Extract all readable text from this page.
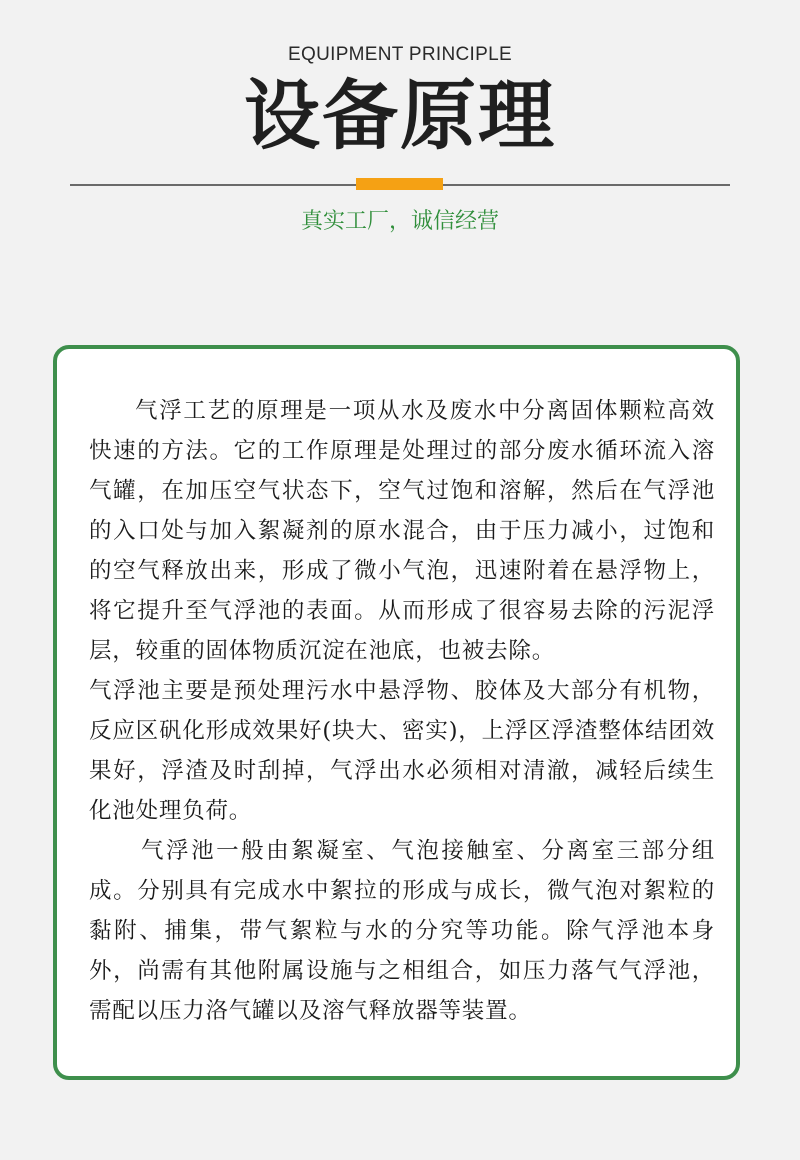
EQUIPMENT PRINCIPLE
设备原理
真实工厂，诚信经营

气浮工艺的原理是一项从水及废水中分离固体颗粒高效快速的方法。它的工作原理是处理过的部分废水循环流入溶气罐，在加压空气状态下，空气过饱和溶解，然后在气浮池的入口处与加入絮凝剂的原水混合，由于压力减小，过饱和的空气释放出来，形成了微小气泡，迅速附着在悬浮物上，将它提升至气浮池的表面。从而形成了很容易去除的污泥浮层，较重的固体物质沉淀在池底，也被去除。

气浮池主要是预处理污水中悬浮物、胶体及大部分有机物，反应区矾化形成效果好(块大、密实)，上浮区浮渣整体结团效果好，浮渣及时刮掉，气浮出水必须相对清澈，减轻后续生化池处理负荷。

气浮池一般由絮凝室、气泡接触室、分离室三部分组成。分别具有完成水中絮拉的形成与成长，微气泡对絮粒的黏附、捕集，带气絮粒与水的分究等功能。除气浮池本身外，尚需有其他附属设施与之相组合，如压力落气气浮池，需配以压力洛气罐以及溶气释放器等装置。
